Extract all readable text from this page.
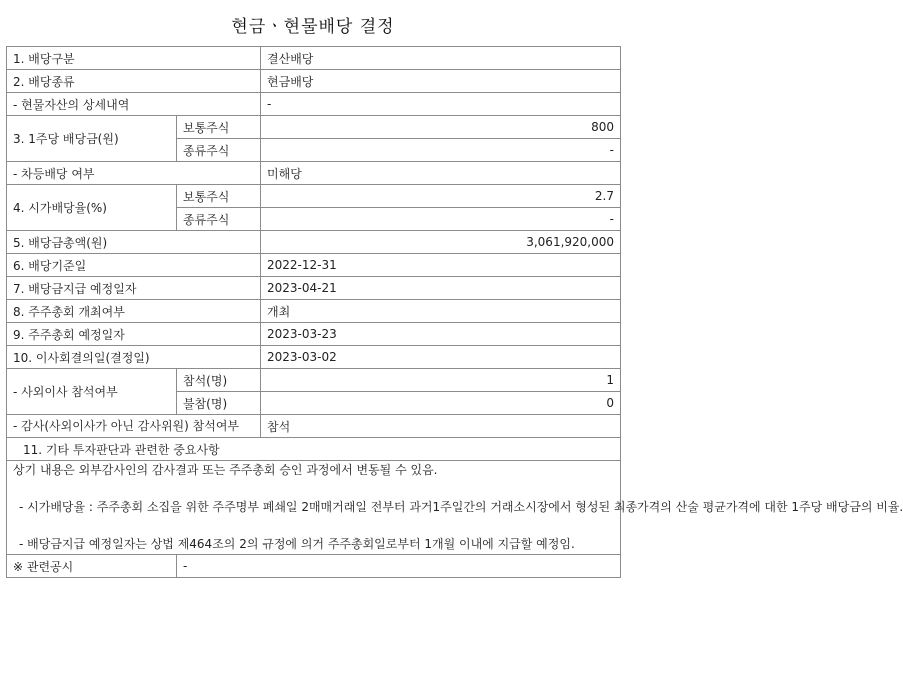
현금ㆍ현물배당 결정
1. 배당구분		결산배당
2. 배당종류		현금배당
- 현물자산의 상세내역		-
3. 1주당 배당금(원)	보통주식	800
	종류주식	-
- 차등배당 여부		미해당
4. 시가배당율(%)	보통주식	2.7
	종류주식	-
5. 배당금총액(원)		3,061,920,000
6. 배당기준일		2022-12-31
7. 배당금지급 예정일자		2023-04-21
8. 주주총회 개최여부		개최
9. 주주총회 예정일자		2023-03-23
10. 이사회결의일(결정일)		2023-03-02
- 사외이사 참석여부	참석(명)	1
	불참(명)	0
- 감사(사외이사가 아닌 감사위원) 참석여부		참석
11. 기타 투자판단과 관련한 중요사항		

상기 내용은 외부감사인의 감사결과 또는 주주총회 승인 과정에서 변동될 수 있음.

- 시가배당율 : 주주총회 소집을 위한 주주명부 폐쇄일 2매매거래일 전부터 과거1주일간의 거래소시장에서 형성된 최종가격의 산술 평균가격에 대한 1주당 배당금의 비율.

- 배당금지급 예정일자는 상법 제464조의 2의 규정에 의거 주주총회일로부터 1개월 이내에 지급할 예정임.		

※ 관련공시	-	
